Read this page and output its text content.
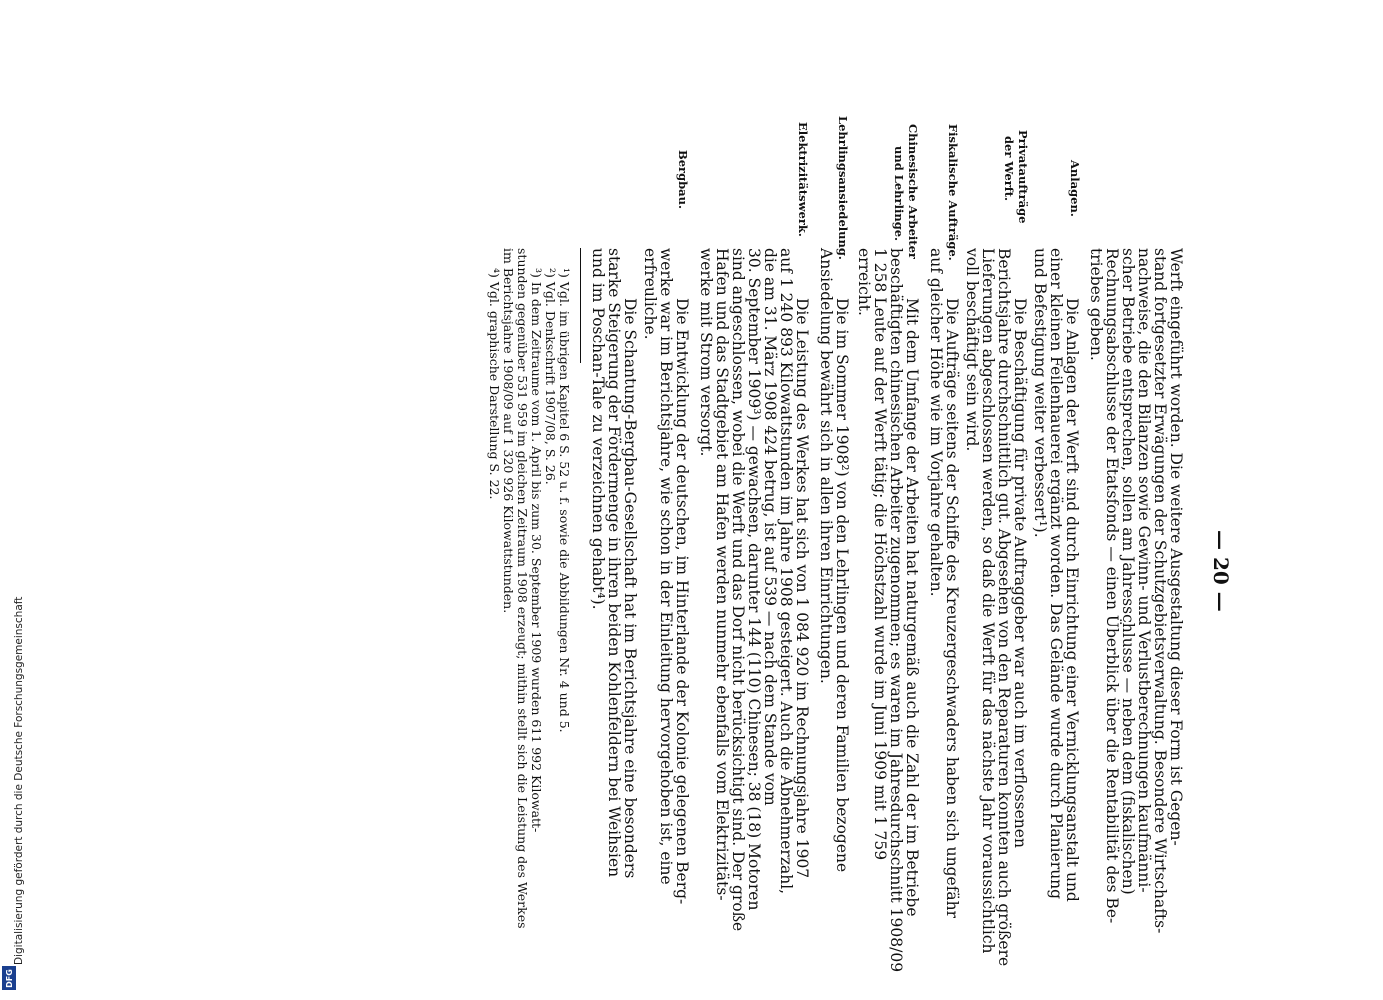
DFG
Digitalisierung gefördert durch die Deutsche Forschungsgemeinschaft
— 20 —
Werft eingeführt worden. Die weitere Ausgestaltung dieser Form ist Gegen-
stand fortgesetzter Erwägungen der Schutzgebietsverwaltung. Besondere Wirtschafts-
nachweise, die den Bilanzen sowie Gewinn- und Verlustberechnungen kaufmänni-
scher Betriebe entsprechen, sollen am Jahresschlusse — neben dem (fiskalischen)
Rechnungsabschlusse der Etatsfonds — einen Überblick über die Rentabilität des Be-
triebes geben.
Anlagen.
Die Anlagen der Werft sind durch Einrichtung einer Vernicklungsanstalt und
einer kleinen Feilenhauerei ergänzt worden. Das Gelände wurde durch Planierung
und Befestigung weiter verbessert¹).
Privataufträge
der Werft.
Die Beschäftigung für private Auftraggeber war auch im verflossenen
Berichtsjahre durchschnittlich gut. Abgesehen von den Reparaturen konnten auch größere
Lieferungen abgeschlossen werden, so daß die Werft für das nächste Jahr voraussichtlich
voll beschäftigt sein wird.
Fiskalische Aufträge.
Die Aufträge seitens der Schiffe des Kreuzergeschwaders haben sich ungefähr
auf gleicher Höhe wie im Vorjahre gehalten.
Chinesische Arbeiter
und Lehrlinge.
Mit dem Umfange der Arbeiten hat naturgemäß auch die Zahl der im Betriebe
beschäftigten chinesischen Arbeiter zugenommen; es waren im Jahresdurchschnitt 1908/09
1 258 Leute auf der Werft tätig; die Höchstzahl wurde im Juni 1909 mit 1 759
erreicht.
Lehrlingsansiedelung.
Die im Sommer 1908²) von den Lehrlingen und deren Familien bezogene
Ansiedelung bewährt sich in allen ihren Einrichtungen.
Elektrizitätswerk.
Die Leistung des Werkes hat sich von 1 084 920 im Rechnungsjahre 1907
auf 1 240 893 Kilowattstunden im Jahre 1908 gesteigert. Auch die Abnehmerzahl,
die am 31. März 1908 424 betrug, ist auf 539 — nach dem Stande vom
30. September 1909³) — gewachsen, darunter 144 (110) Chinesen; 38 (18) Motoren
sind angeschlossen, wobei die Werft und das Dorf nicht berücksichtigt sind. Der große
Hafen und das Stadtgebiet am Hafen werden nunmehr ebenfalls vom Elektrizitäts-
werke mit Strom versorgt.
Bergbau.
Die Entwicklung der deutschen, im Hinterlande der Kolonie gelegenen Berg-
werke war im Berichtsjahre, wie schon in der Einleitung hervorgehoben ist, eine
erfreuliche.
Die Schantung-Bergbau-Gesellschaft hat im Berichtsjahre eine besonders
starke Steigerung der Fördermenge in ihren beiden Kohlenfeldern bei Weihsien
und im Poschan-Tale zu verzeichnen gehabt⁴).
¹) Vgl. im übrigen Kapitel 6 S. 52 u. f. sowie die Abbildungen Nr. 4 und 5.
²) Vgl. Denkschrift 1907/08, S. 26.
³) In dem Zeitraume vom 1. April bis zum 30. September 1909 wurden 611 992 Kilowatt-
stunden gegenüber 531 959 im gleichen Zeitraum 1908 erzeugt; mithin stellt sich die Leistung des Werkes
im Berichtsjahre 1908/09 auf 1 320 926 Kilowattstunden.
⁴) Vgl. graphische Darstellung S. 22.
